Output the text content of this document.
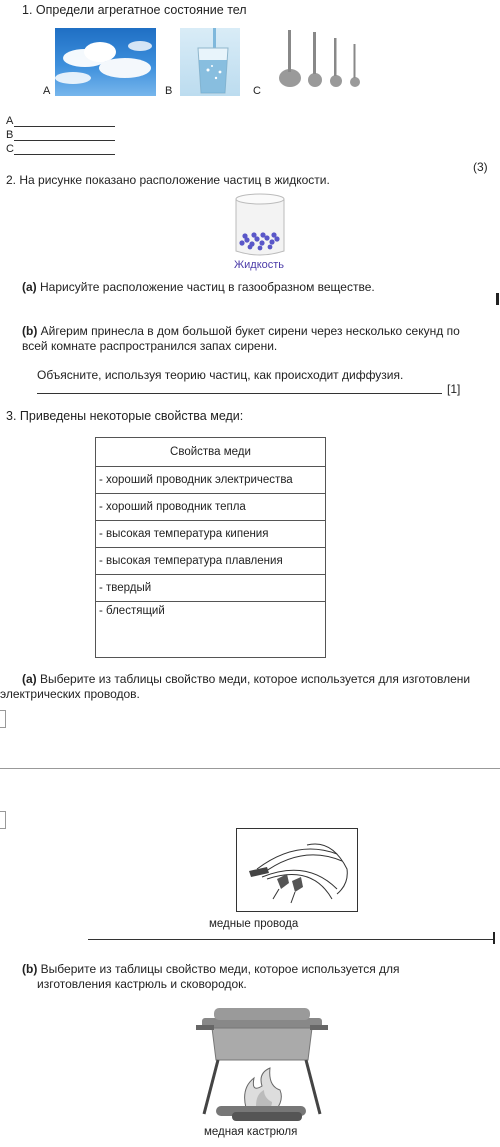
1. Определи агрегатное состояние тел
A	B	C
A
B
C
(3)
2. На рисунке показано расположение частиц в жидкости.
Жидкость
(a) Нарисуйте расположение частиц в газообразном веществе.
(b) Айгерим принесла в дом большой букет сирени через несколько секунд по
всей комнате распространился запах сирени.
Объясните, используя теорию частиц, как происходит диффузия.
[1]
3. Приведены некоторые свойства меди:
Свойства меди
- хороший проводник электричества
- хороший проводник тепла
- высокая температура кипения
- высокая температура плавления
- твердый
- блестящий
(a) Выберите из таблицы свойство меди, которое используется для изготовлени
электрических проводов.
медные провода
(b) Выберите из таблицы свойство меди, которое используется для
изготовления кастрюль и сковородок.
медная кастрюля
